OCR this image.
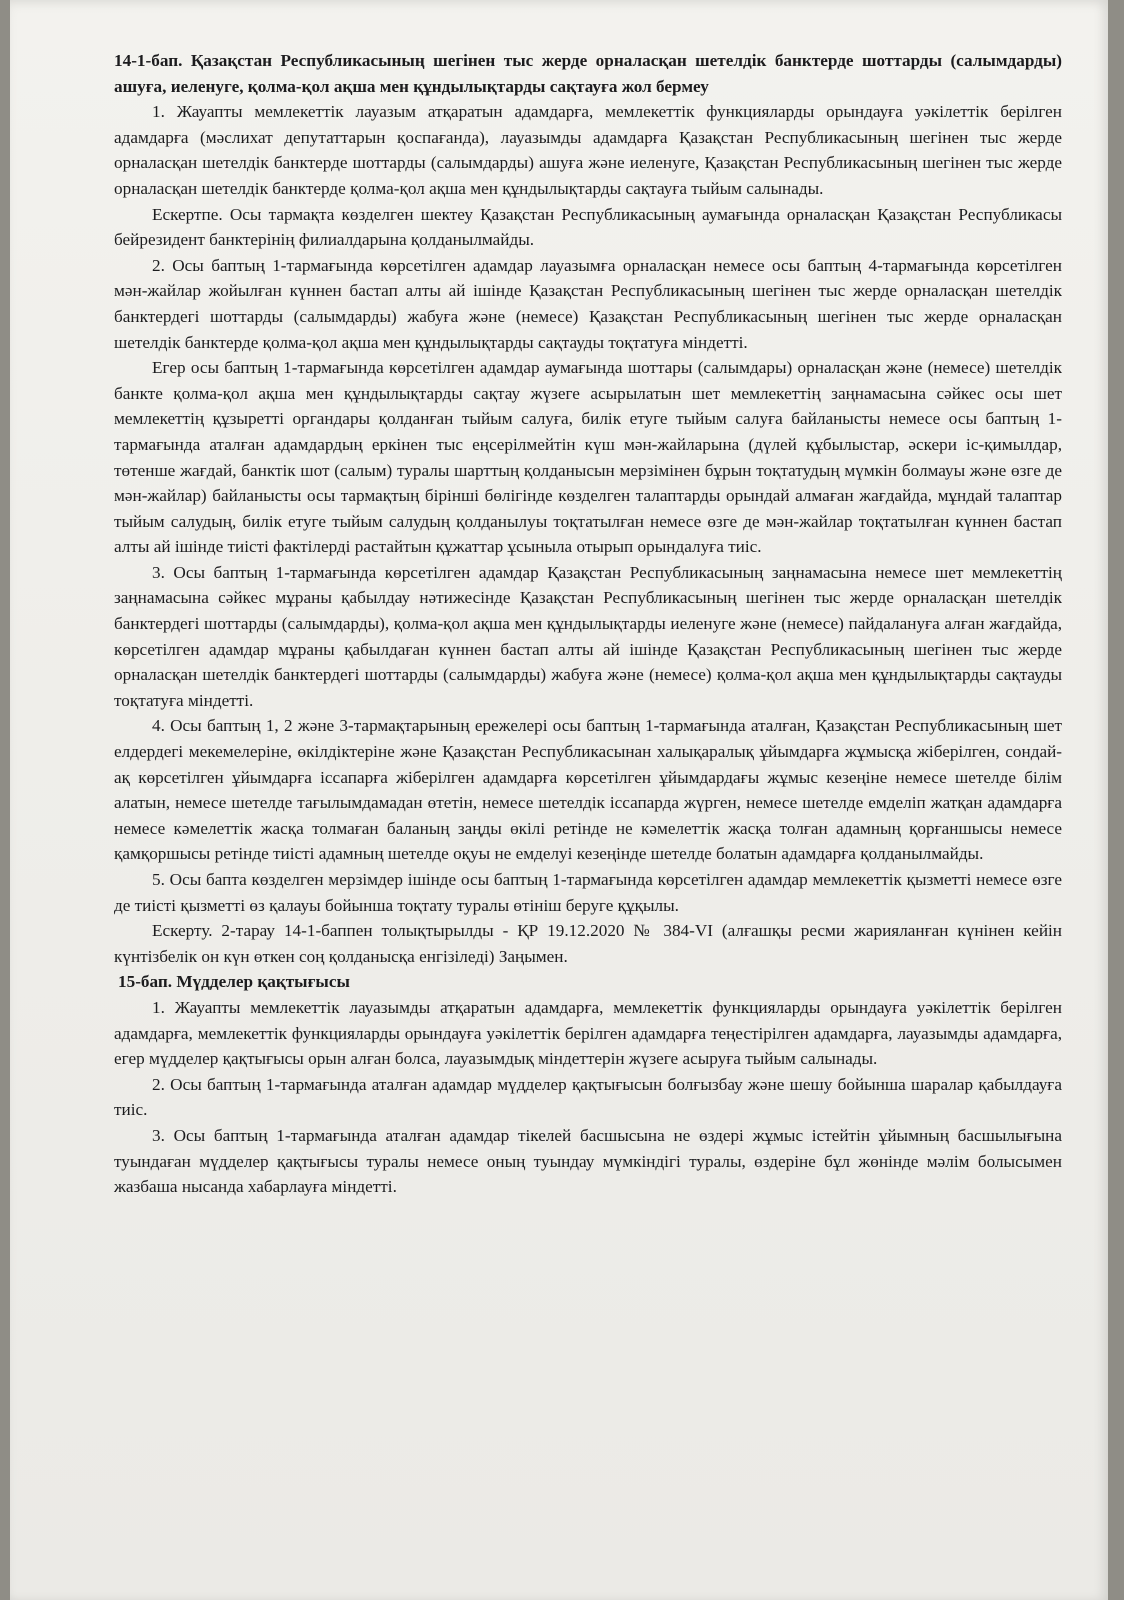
14-1-бап. Қазақстан Республикасының шегінен тыс жерде орналасқан шетелдік банктерде шоттарды (салымдарды) ашуға, иеленуге, қолма-қол ақша мен құндылықтарды сақтауға жол бермеу

1. Жауапты мемлекеттік лауазым атқаратын адамдарға, мемлекеттік функцияларды орындауға уәкілеттік берілген адамдарға (мәслихат депутаттарын қоспағанда), лауазымды адамдарға Қазақстан Республикасының шегінен тыс жерде орналасқан шетелдік банктерде шоттарды (салымдарды) ашуға және иеленуге, Қазақстан Республикасының шегінен тыс жерде орналасқан шетелдік банктерде қолма-қол ақша мен құндылықтарды сақтауға тыйым салынады.

Ескертпе. Осы тармақта көзделген шектеу Қазақстан Республикасының аумағында орналасқан Қазақстан Республикасы бейрезидент банктерінің филиалдарына қолданылмайды.

2. Осы баптың 1-тармағында көрсетілген адамдар лауазымға орналасқан немесе осы баптың 4-тармағында көрсетілген мән-жайлар жойылған күннен бастап алты ай ішінде Қазақстан Республикасының шегінен тыс жерде орналасқан шетелдік банктердегі шоттарды (салымдарды) жабуға және (немесе) Қазақстан Республикасының шегінен тыс жерде орналасқан шетелдік банктерде қолма-қол ақша мен құндылықтарды сақтауды тоқтатуға міндетті.

Егер осы баптың 1-тармағында көрсетілген адамдар аумағында шоттары (салымдары) орналасқан және (немесе) шетелдік банкте қолма-қол ақша мен құндылықтарды сақтау жүзеге асырылатын шет мемлекеттің заңнамасына сәйкес осы шет мемлекеттің құзыретті органдары қолданған тыйым салуға, билік етуге тыйым салуға байланысты немесе осы баптың 1-тармағында аталған адамдардың еркінен тыс еңсерілмейтін күш мән-жайларына (дүлей құбылыстар, әскери іс-қимылдар, төтенше жағдай, банктік шот (салым) туралы шарттың қолданысын мерзімінен бұрын тоқтатудың мүмкін болмауы және өзге де мән-жайлар) байланысты осы тармақтың бірінші бөлігінде көзделген талаптарды орындай алмаған жағдайда, мұндай талаптар тыйым салудың, билік етуге тыйым салудың қолданылуы тоқтатылған немесе өзге де мән-жайлар тоқтатылған күннен бастап алты ай ішінде тиісті фактілерді растайтын құжаттар ұсыныла отырып орындалуға тиіс.

3. Осы баптың 1-тармағында көрсетілген адамдар Қазақстан Республикасының заңнамасына немесе шет мемлекеттің заңнамасына сәйкес мұраны қабылдау нәтижесінде Қазақстан Республикасының шегінен тыс жерде орналасқан шетелдік банктердегі шоттарды (салымдарды), қолма-қол ақша мен құндылықтарды иеленуге және (немесе) пайдалануға алған жағдайда, көрсетілген адамдар мұраны қабылдаған күннен бастап алты ай ішінде Қазақстан Республикасының шегінен тыс жерде орналасқан шетелдік банктердегі шоттарды (салымдарды) жабуға және (немесе) қолма-қол ақша мен құндылықтарды сақтауды тоқтатуға міндетті.

4. Осы баптың 1, 2 және 3-тармақтарының ережелері осы баптың 1-тармағында аталған, Қазақстан Республикасының шет елдердегі мекемелеріне, өкілдіктеріне және Қазақстан Республикасынан халықаралық ұйымдарға жұмысқа жіберілген, сондай-ақ көрсетілген ұйымдарға іссапарға жіберілген адамдарға көрсетілген ұйымдардағы жұмыс кезеңіне немесе шетелде білім алатын, немесе шетелде тағылымдамадан өтетін, немесе шетелдік іссапарда жүрген, немесе шетелде емделіп жатқан адамдарға немесе кәмелеттік жасқа толмаған баланың заңды өкілі ретінде не кәмелеттік жасқа толған адамның қорғаншысы немесе қамқоршысы ретінде тиісті адамның шетелде оқуы не емделуі кезеңінде шетелде болатын адамдарға қолданылмайды.

5. Осы бапта көзделген мерзімдер ішінде осы баптың 1-тармағында көрсетілген адамдар мемлекеттік қызметті немесе өзге де тиісті қызметті өз қалауы бойынша тоқтату туралы өтініш беруге құқылы.

Ескерту. 2-тарау 14-1-баппен толықтырылды - ҚР 19.12.2020 № 384-VI (алғашқы ресми жарияланған күнінен кейін күнтізбелік он күн өткен соң қолданысқа енгізіледі) Заңымен.

15-бап. Мүдделер қақтығысы

1. Жауапты мемлекеттік лауазымды атқаратын адамдарға, мемлекеттік функцияларды орындауға уәкілеттік берілген адамдарға, мемлекеттік функцияларды орындауға уәкілеттік берілген адамдарға теңестірілген адамдарға, лауазымды адамдарға, егер мүдделер қақтығысы орын алған болса, лауазымдық міндеттерін жүзеге асыруға тыйым салынады.

2. Осы баптың 1-тармағында аталған адамдар мүдделер қақтығысын болғызбау және шешу бойынша шаралар қабылдауға тиіс.

3. Осы баптың 1-тармағында аталған адамдар тікелей басшысына не өздері жұмыс істейтін ұйымның басшылығына туындаған мүдделер қақтығысы туралы немесе оның туындау мүмкіндігі туралы, өздеріне бұл жөнінде мәлім болысымен жазбаша нысанда хабарлауға міндетті.
